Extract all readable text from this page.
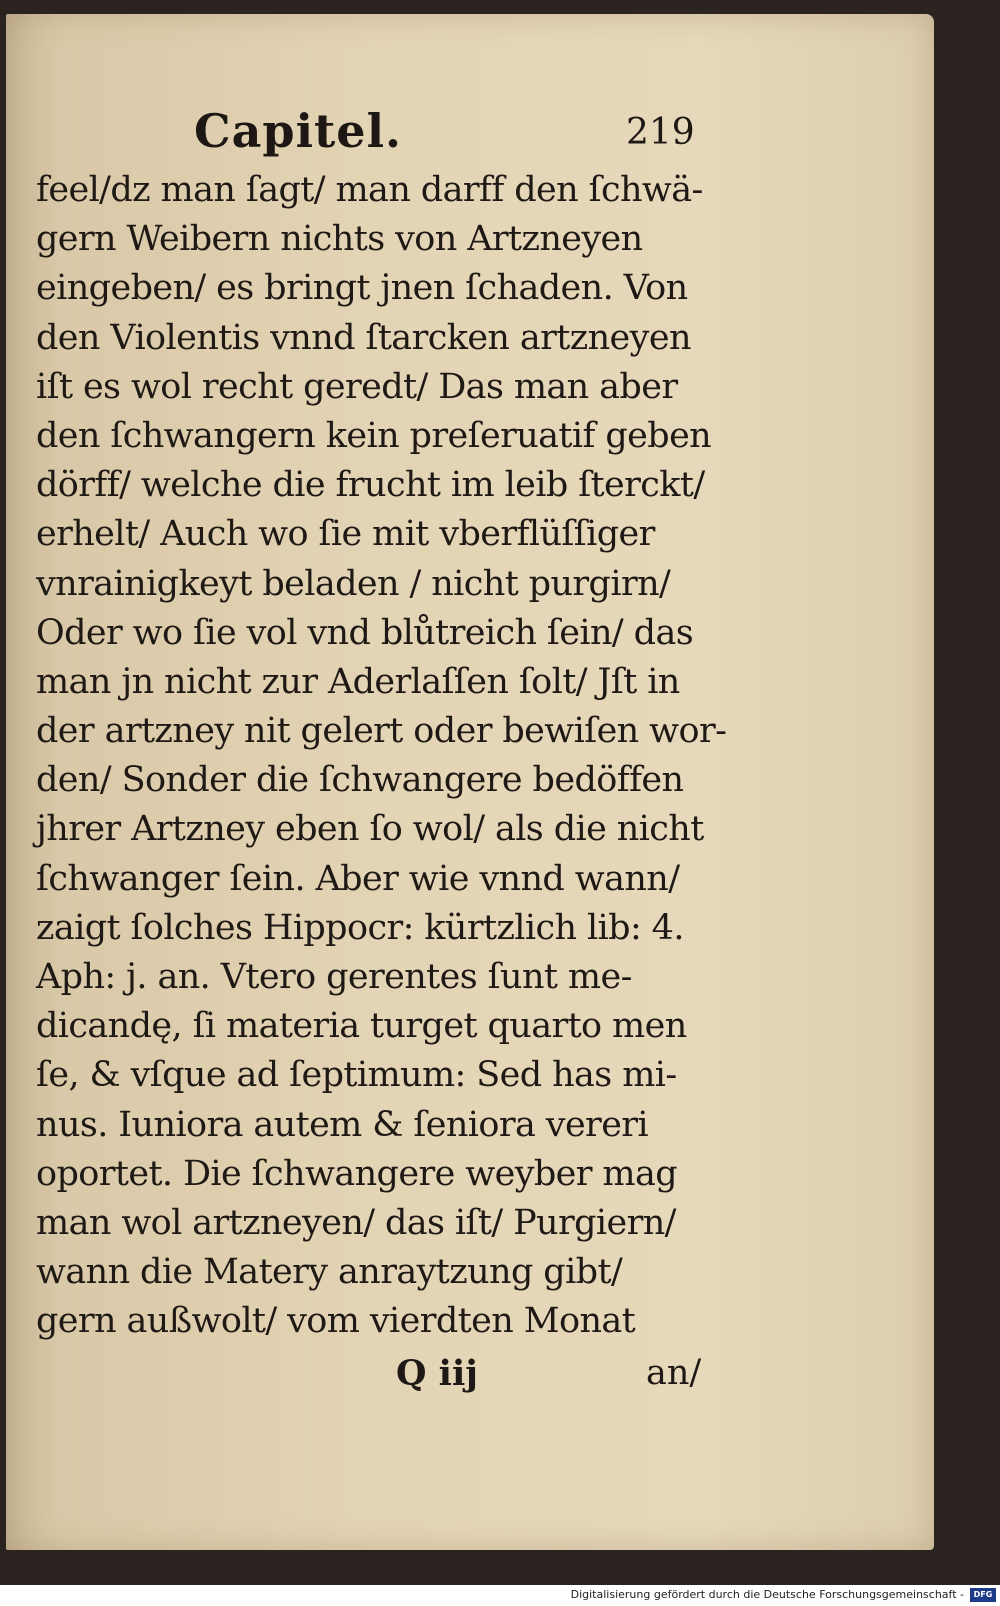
Capitel.	219
feel/dz man ſagt/ man darff den ſchwä-
gern Weibern nichts von Artzneyen
eingeben/ es bringt jnen ſchaden. Von
den Violentis vnnd ſtarcken artzneyen
iſt es wol recht geredt/ Das man aber
den ſchwangern kein preſeruatif geben
dörff/ welche die frucht im leib ſterckt/
erhelt/ Auch wo ſie mit vberflüſſiger
vnrainigkeyt beladen / nicht purgirn/
Oder wo ſie vol vnd blůtreich ſein/ das
man jn nicht zur Aderlaſſen ſolt/ Jſt in
der artzney nit gelert oder bewiſen wor-
den/ Sonder die ſchwangere bedöffen
jhrer Artzney eben ſo wol/ als die nicht
ſchwanger ſein. Aber wie vnnd wann/
zaigt ſolches Hippocr: kürtzlich lib: 4.
Aph: j. an. Vtero gerentes ſunt me-
dicandę, ſi materia turget quarto men
ſe, & vſque ad ſeptimum: Sed has mi-
nus. Iuniora autem & ſeniora vereri
oportet. Die ſchwangere weyber mag
man wol artzneyen/ das iſt/ Purgiern/
wann die Matery anraytzung gibt/
gern außwolt/ vom vierdten Monat
Q iij	an/
Digitalisierung gefördert durch die Deutsche Forschungsgemeinschaft -	DFG
